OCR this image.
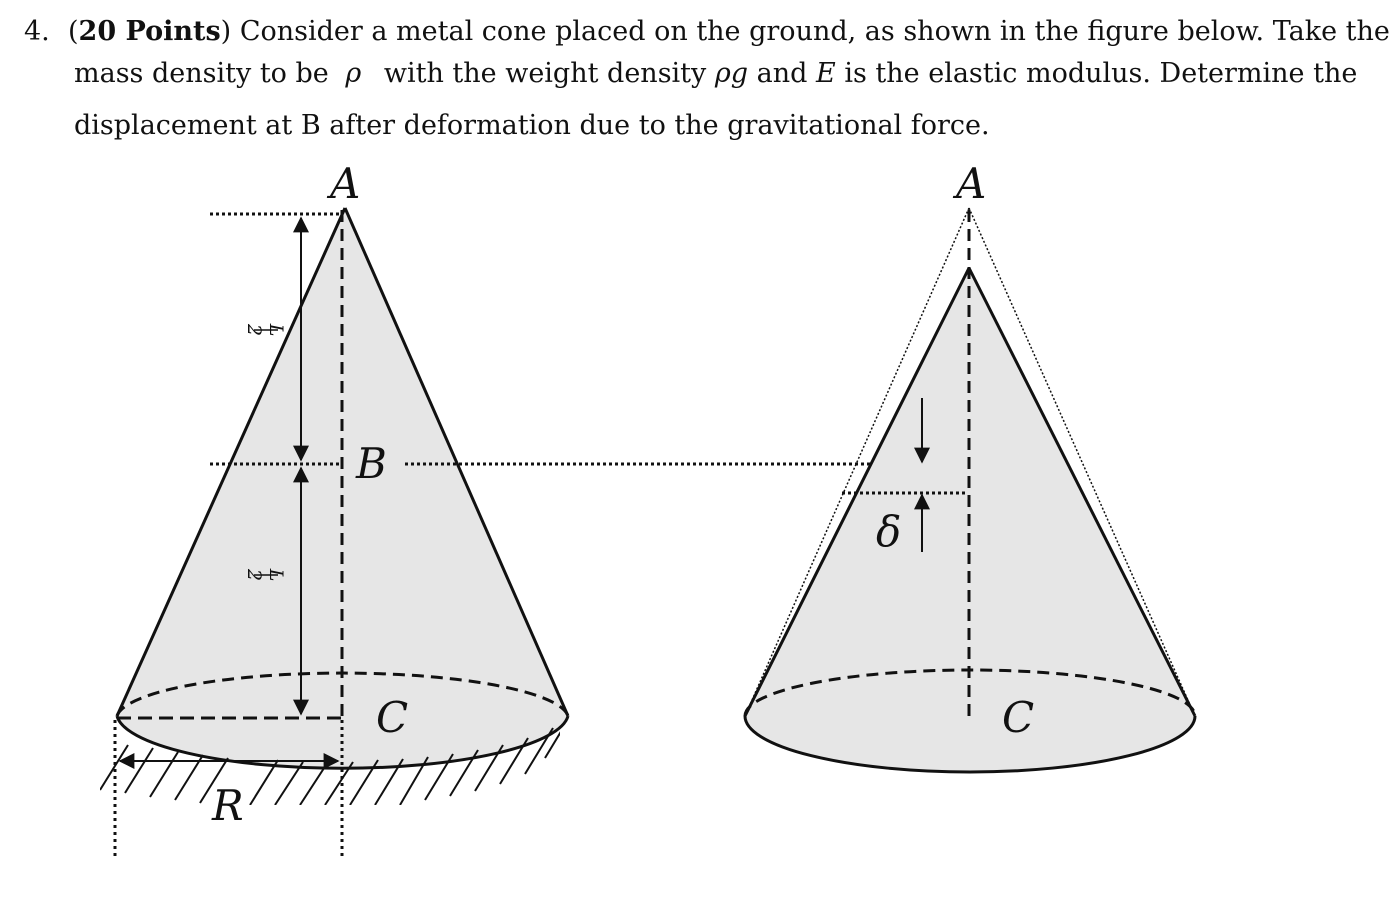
4. (20 Points) Consider a metal cone placed on the ground, as shown in the figure below. Take the
mass density to be ρ with the weight density ρg and E is the elastic modulus. Determine the
displacement at B after deformation due to the gravitational force.
R
L
2
L
2
A
B
C
δ
A
C
